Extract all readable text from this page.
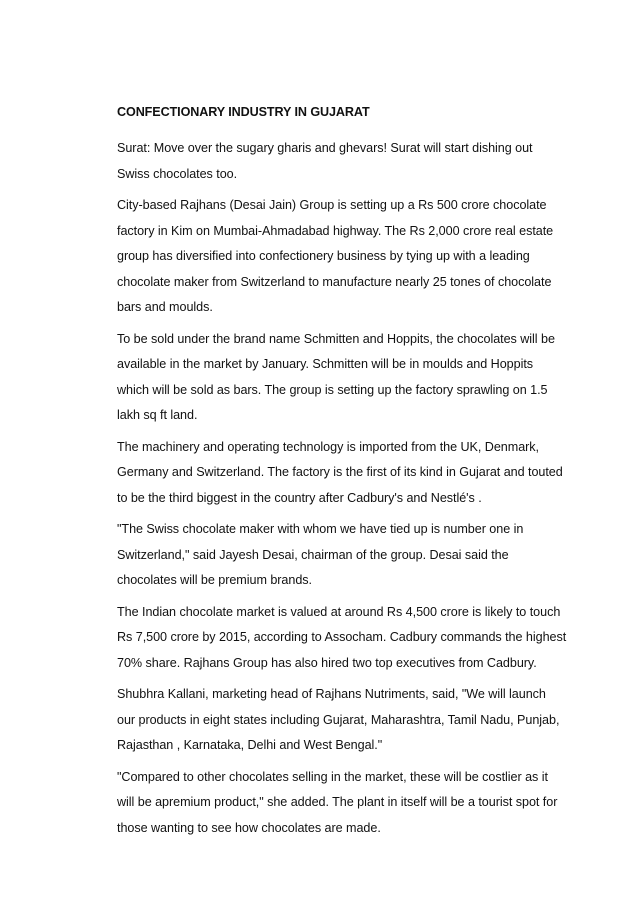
CONFECTIONARY INDUSTRY IN GUJARAT

Surat: Move over the sugary gharis and ghevars! Surat will start dishing out Swiss chocolates too.

City-based Rajhans (Desai Jain) Group is setting up a Rs 500 crore chocolate factory in Kim on Mumbai-Ahmadabad highway. The Rs 2,000 crore real estate group has diversified into confectionery business by tying up with a leading chocolate maker from Switzerland to manufacture nearly 25 tones of chocolate bars and moulds.

To be sold under the brand name Schmitten and Hoppits, the chocolates will be available in the market by January. Schmitten will be in moulds and Hoppits which will be sold as bars. The group is setting up the factory sprawling on 1.5 lakh sq ft land.

The machinery and operating technology is imported from the UK, Denmark, Germany and Switzerland. The factory is the first of its kind in Gujarat and touted to be the third biggest in the country after Cadbury's and Nestlé's .

"The Swiss chocolate maker with whom we have tied up is number one in Switzerland," said Jayesh Desai, chairman of the group. Desai said the chocolates will be premium brands.

The Indian chocolate market is valued at around Rs 4,500 crore is likely to touch Rs 7,500 crore by 2015, according to Assocham. Cadbury commands the highest 70% share. Rajhans Group has also hired two top executives from Cadbury.

Shubhra Kallani, marketing head of Rajhans Nutriments, said, "We will launch our products in eight states including Gujarat, Maharashtra, Tamil Nadu, Punjab, Rajasthan , Karnataka, Delhi and West Bengal."

"Compared to other chocolates selling in the market, these will be costlier as it will be apremium product," she added. The plant in itself will be a tourist spot for those wanting to see how chocolates are made.
